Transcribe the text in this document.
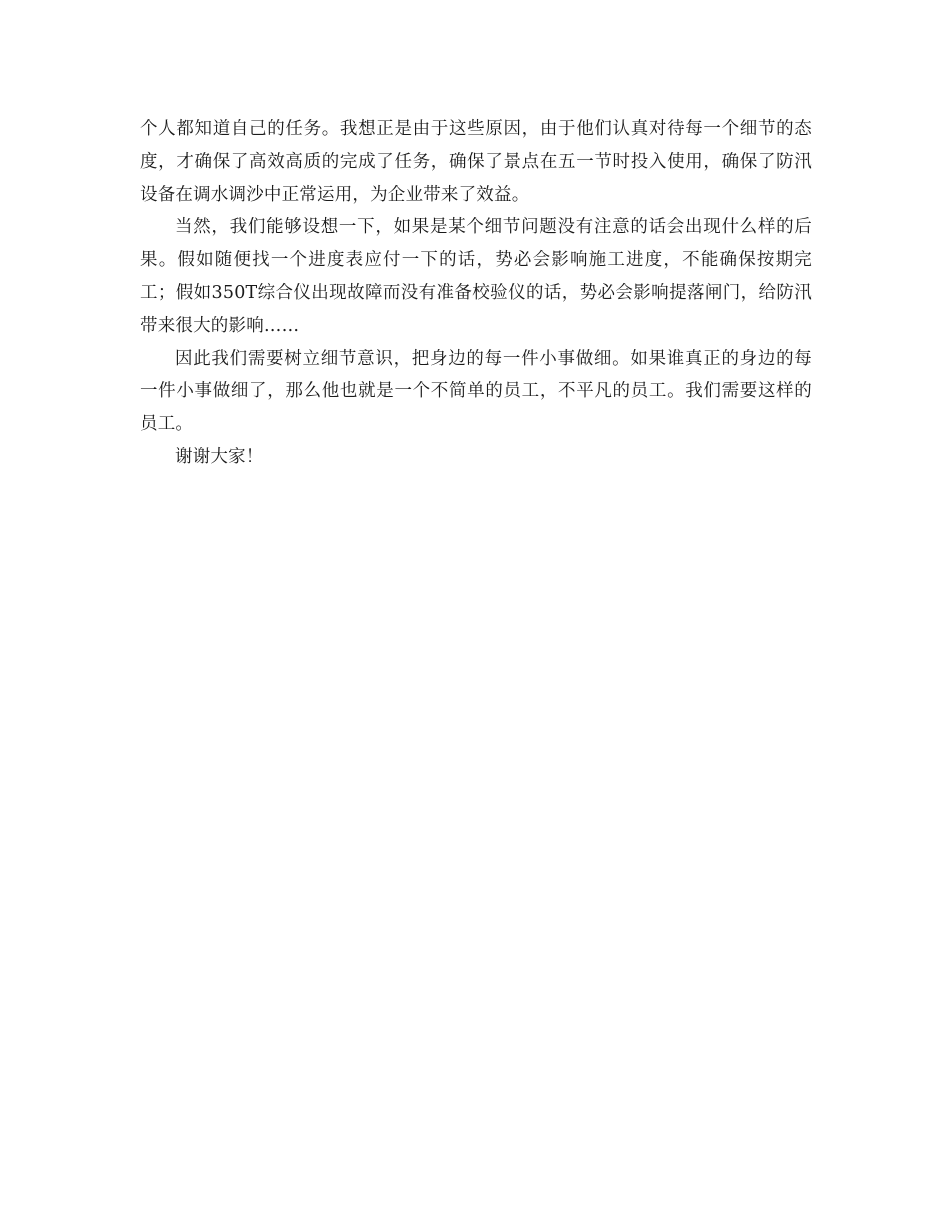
个人都知道自己的任务。我想正是由于这些原因，由于他们认真对待每一个细节的态度，才确保了高效高质的完成了任务，确保了景点在五一节时投入使用，确保了防汛设备在调水调沙中正常运用，为企业带来了效益。

当然，我们能够设想一下，如果是某个细节问题没有注意的话会出现什么样的后果。假如随便找一个进度表应付一下的话，势必会影响施工进度，不能确保按期完工；假如350T综合仪出现故障而没有准备校验仪的话，势必会影响提落闸门，给防汛带来很大的影响……

因此我们需要树立细节意识，把身边的每一件小事做细。如果谁真正的身边的每一件小事做细了，那么他也就是一个不简单的员工，不平凡的员工。我们需要这样的员工。

谢谢大家！
